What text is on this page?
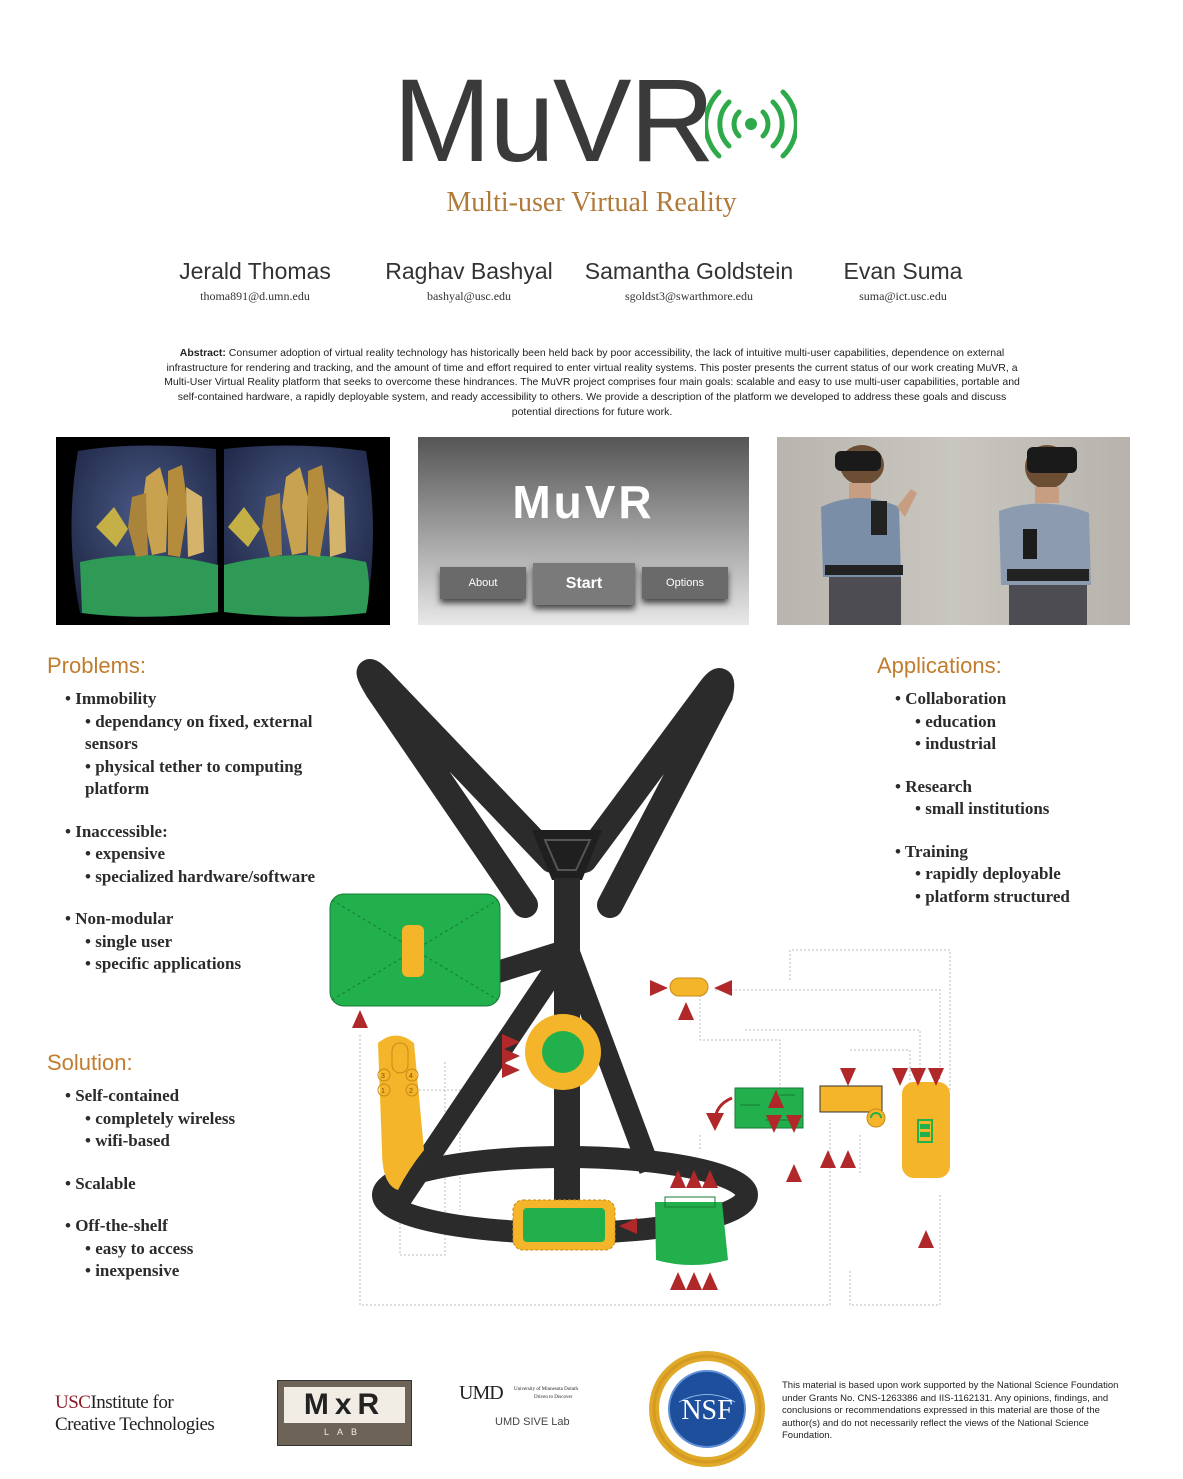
MuVR
Multi-user Virtual Reality
Jerald Thomas
thoma891@d.umn.edu
Raghav Bashyal
bashyal@usc.edu
Samantha Goldstein
sgoldst3@swarthmore.edu
Evan Suma
suma@ict.usc.edu
Abstract: Consumer adoption of virtual reality technology has historically been held back by poor accessibility, the lack of intuitive multi-user capabilities, dependence on external infrastructure for rendering and tracking, and the amount of time and effort required to enter virtual reality systems. This poster presents the current status of our work creating MuVR, a Multi-User Virtual Reality platform that seeks to overcome these hindrances. The MuVR project comprises four main goals: scalable and easy to use multi-user capabilities, portable and self-contained hardware, a rapidly deployable system, and ready accessibility to others. We provide a description of the platform we developed to address these goals and discuss potential directions for future work.
MuVR
About	Start	Options
Problems:
• Immobility
• dependancy on fixed, external sensors
• physical tether to computing platform
• Inaccessible:
• expensive
• specialized hardware/software
• Non-modular
• single user
• specific applications
Solution:
• Self-contained
• completely wireless
• wifi-based
• Scalable
• Off-the-shelf
• easy to access
• inexpensive
Applications:
• Collaboration
• education
• industrial
• Research
• small institutions
• Training
• rapidly deployable
• platform structured
3	4
1	2
USCInstitute for
Creative Technologies
MxR
LAB
UMD University of Minnesota Duluth
Driven to Discover
UMD SIVE Lab	NSF
This material is based upon work supported by the National Science Foundation under Grants No. CNS-1263386 and IIS-1162131. Any opinions, findings, and conclusions or recommendations expressed in this material are those of the author(s) and do not necessarily reflect the views of the National Science Foundation.
